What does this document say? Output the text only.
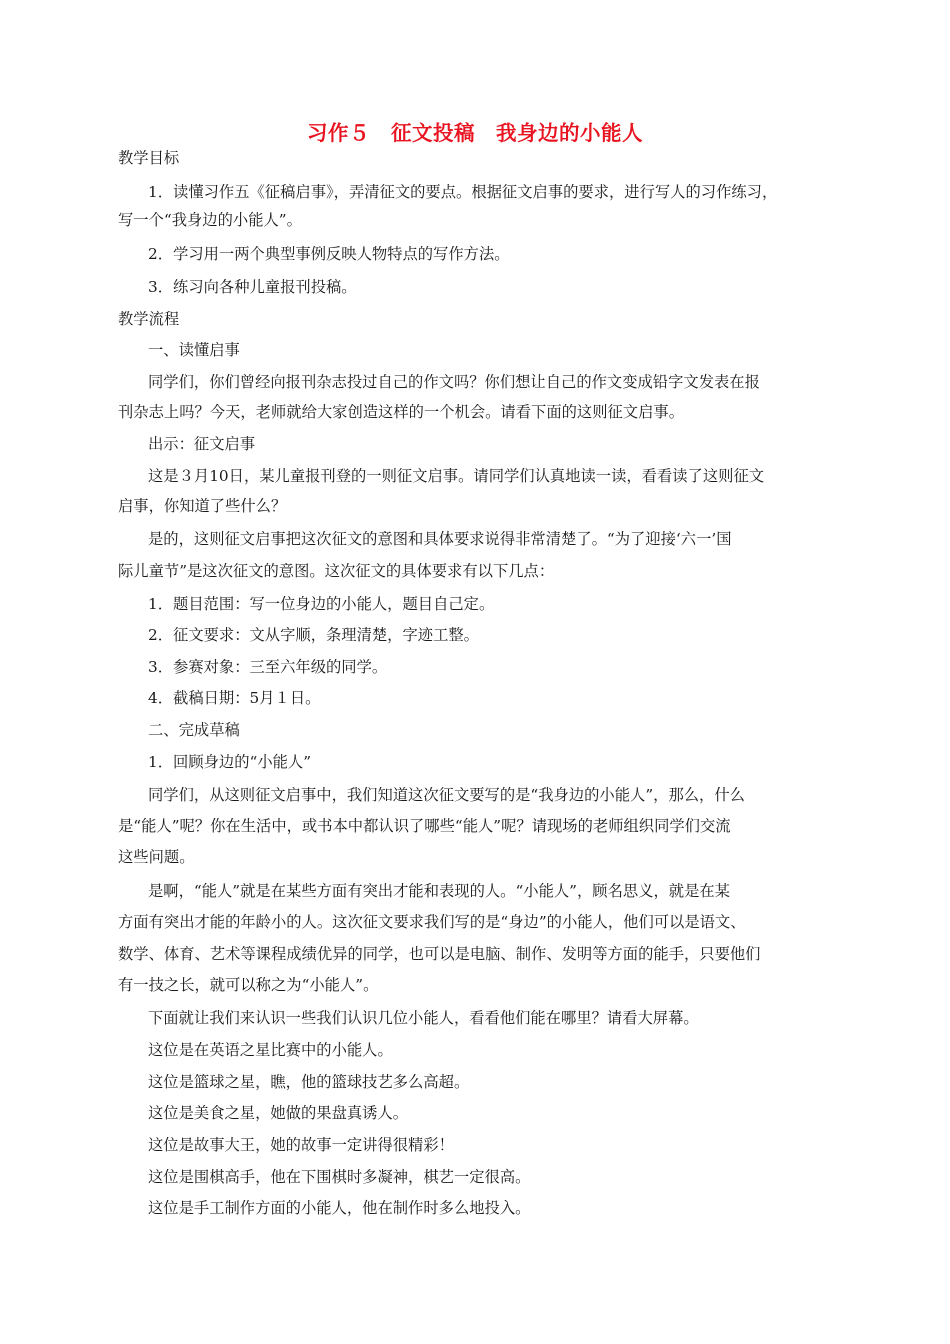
习作５　征文投稿　我身边的小能人
教学目标
1．读懂习作五《征稿启事》，弄清征文的要点。根据征文启事的要求，进行写人的习作练习，
写一个“我身边的小能人”。
2．学习用一两个典型事例反映人物特点的写作方法。
3．练习向各种儿童报刊投稿。
教学流程
一、读懂启事
同学们，你们曾经向报刊杂志投过自己的作文吗？你们想让自己的作文变成铅字文发表在报
刊杂志上吗？今天，老师就给大家创造这样的一个机会。请看下面的这则征文启事。
出示：征文启事
这是３月10日，某儿童报刊登的一则征文启事。请同学们认真地读一读，看看读了这则征文
启事，你知道了些什么？
是的，这则征文启事把这次征文的意图和具体要求说得非常清楚了。“为了迎接‘六一’国
际儿童节”是这次征文的意图。这次征文的具体要求有以下几点：
1．题目范围：写一位身边的小能人，题目自己定。
2．征文要求：文从字顺，条理清楚，字迹工整。
3．参赛对象：三至六年级的同学。
4．截稿日期：5月１日。
二、完成草稿
1．回顾身边的“小能人”
同学们，从这则征文启事中，我们知道这次征文要写的是“我身边的小能人”，那么，什么
是“能人”呢？你在生活中，或书本中都认识了哪些“能人”呢？请现场的老师组织同学们交流
这些问题。
是啊，“能人”就是在某些方面有突出才能和表现的人。“小能人”，顾名思义，就是在某
方面有突出才能的年龄小的人。这次征文要求我们写的是“身边”的小能人，他们可以是语文、
数学、体育、艺术等课程成绩优异的同学，也可以是电脑、制作、发明等方面的能手，只要他们
有一技之长，就可以称之为“小能人”。
下面就让我们来认识一些我们认识几位小能人，看看他们能在哪里？请看大屏幕。
这位是在英语之星比赛中的小能人。
这位是篮球之星，瞧，他的篮球技艺多么高超。
这位是美食之星，她做的果盘真诱人。
这位是故事大王，她的故事一定讲得很精彩！
这位是围棋高手，他在下围棋时多凝神，棋艺一定很高。
这位是手工制作方面的小能人，他在制作时多么地投入。
